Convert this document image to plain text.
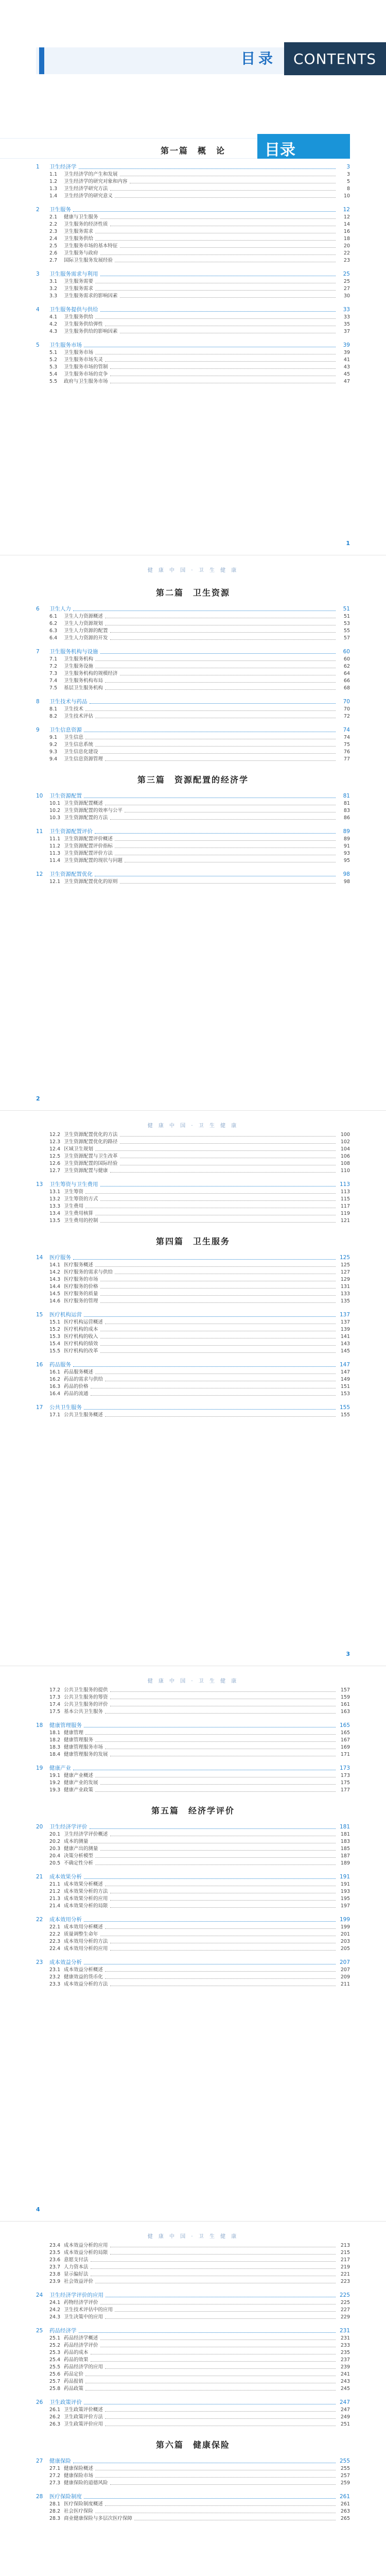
目录 CONTENTS
目录
第一篇　概　论
1	卫生经济学	3
1.1	卫生经济学的产生和发展	3
1.2	卫生经济学的研究对象和内容	5
1.3	卫生经济学研究方法	8
1.4	卫生经济学的研究意义	10
2	卫生服务	12
2.1	健康与卫生服务	12
2.2	卫生服务的经济性质	14
2.3	卫生服务需求	16
2.4	卫生服务供给	18
2.5	卫生服务市场的基本特征	20
2.6	卫生服务与政府	22
2.7	国际卫生服务发展经验	23
3	卫生服务需求与利用	25
3.1	卫生服务需要	25
3.2	卫生服务需求	27
3.3	卫生服务需求的影响因素	30
4	卫生服务提供与供给	33
4.1	卫生服务供给	33
4.2	卫生服务供给弹性	35
4.3	卫生服务供给的影响因素	37
5	卫生服务市场	39
5.1	卫生服务市场	39
5.2	卫生服务市场失灵	41
5.3	卫生服务市场的管制	43
5.4	卫生服务市场的竞争	45
5.5	政府与卫生服务市场	47
1
健 康 中 国 · 卫 生 健 康
第二篇　卫生资源
6	卫生人力	51
6.1	卫生人力资源概述	51
6.2	卫生人力资源规划	53
6.3	卫生人力资源的配置	55
6.4	卫生人力资源的开发	57
7	卫生服务机构与设施	60
7.1	卫生服务机构	60
7.2	卫生服务设施	62
7.3	卫生服务机构的规模经济	64
7.4	卫生服务机构布局	66
7.5	基层卫生服务机构	68
8	卫生技术与药品	70
8.1	卫生技术	70
8.2	卫生技术评估	72
9	卫生信息资源	74
9.1	卫生信息	74
9.2	卫生信息系统	75
9.3	卫生信息化建设	76
9.4	卫生信息资源管理	77
第三篇　资源配置的经济学
10	卫生资源配置	81
10.1 卫生资源配置概述	81
10.2 卫生资源配置的效率与公平	83
10.3 卫生资源配置的方法	86
11	卫生资源配置评价	89
11.1 卫生资源配置评价概述	89
11.2 卫生资源配置评价指标	91
11.3 卫生资源配置评价方法	93
11.4 卫生资源配置的现状与问题	95
12	卫生资源配置优化	98
12.1 卫生资源配置优化的原则	98
2
健 康 中 国 · 卫 生 健 康
12.2 卫生资源配置优化的方法	100
12.3 卫生资源配置优化的路径	102
12.4 区域卫生规划	104
12.5 卫生资源配置与卫生改革	106
12.6 卫生资源配置的国际经验	108
12.7 卫生资源配置与健康	110
13	卫生筹资与卫生费用	113
13.1 卫生筹资	113
13.2 卫生筹资的方式	115
13.3 卫生费用	117
13.4 卫生费用核算	119
13.5 卫生费用的控制	121
第四篇　卫生服务
14	医疗服务	125
14.1 医疗服务概述	125
14.2 医疗服务的需求与供给	127
14.3 医疗服务的市场	129
14.4 医疗服务的价格	131
14.5 医疗服务的质量	133
14.6 医疗服务的管理	135
15	医疗机构运营	137
15.1 医疗机构运营概述	137
15.2 医疗机构的成本	139
15.3 医疗机构的收入	141
15.4 医疗机构的绩效	143
15.5 医疗机构的改革	145
16	药品服务	147
16.1 药品服务概述	147
16.2 药品的需求与供给	149
16.3 药品的价格	151
16.4 药品的流通	153
17	公共卫生服务	155
17.1 公共卫生服务概述	155
3
健 康 中 国 · 卫 生 健 康
17.2 公共卫生服务的提供	157
17.3 公共卫生服务的筹资	159
17.4 公共卫生服务的评价	161
17.5 基本公共卫生服务	163
18	健康管理服务	165
18.1 健康管理	165
18.2 健康管理服务	167
18.3 健康管理服务市场	169
18.4 健康管理服务的发展	171
19	健康产业	173
19.1 健康产业概述	173
19.2 健康产业的发展	175
19.3 健康产业政策	177
第五篇　经济学评价
20	卫生经济学评价	181
20.1 卫生经济学评价概述	181
20.2 成本的测量	183
20.3 健康产出的测量	185
20.4 决策分析模型	187
20.5 不确定性分析	189
21	成本效果分析	191
21.1 成本效果分析概述	191
21.2 成本效果分析的方法	193
21.3 成本效果分析的应用	195
21.4 成本效果分析的局限	197
22	成本效用分析	199
22.1 成本效用分析概述	199
22.2 质量调整生命年	201
22.3 成本效用分析的方法	203
22.4 成本效用分析的应用	205
23	成本效益分析	207
23.1 成本效益分析概述	207
23.2 健康效益的货币化	209
23.3 成本效益分析的方法	211
4
健 康 中 国 · 卫 生 健 康
23.4 成本效益分析的应用	213
23.5 成本效益分析的局限	215
23.6 意愿支付法	217
23.7 人力资本法	219
23.8 显示偏好法	221
23.9 社会效益评价	223
24	卫生经济学评价的应用	225
24.1 药物经济学评价	225
24.2 卫生技术评估中的应用	227
24.3 卫生决策中的应用	229
25	药品经济学	231
25.1 药品经济学概述	231
25.2 药品经济学评价	233
25.3 药品的成本	235
25.4 药品的效果	237
25.5 药品经济学的应用	239
25.6 药品定价	241
25.7 药品报销	243
25.8 药品政策	245
26	卫生政策评价	247
26.1 卫生政策评价概述	247
26.2 卫生政策评价方法	249
26.3 卫生政策评价应用	251
第六篇　健康保险
27	健康保险	255
27.1 健康保险概述	255
27.2 健康保险市场	257
27.3 健康保险的道德风险	259
28	医疗保险制度	261
28.1 医疗保险制度概述	261
28.2 社会医疗保险	263
28.3 商业健康保险与多层次医疗保障	265
